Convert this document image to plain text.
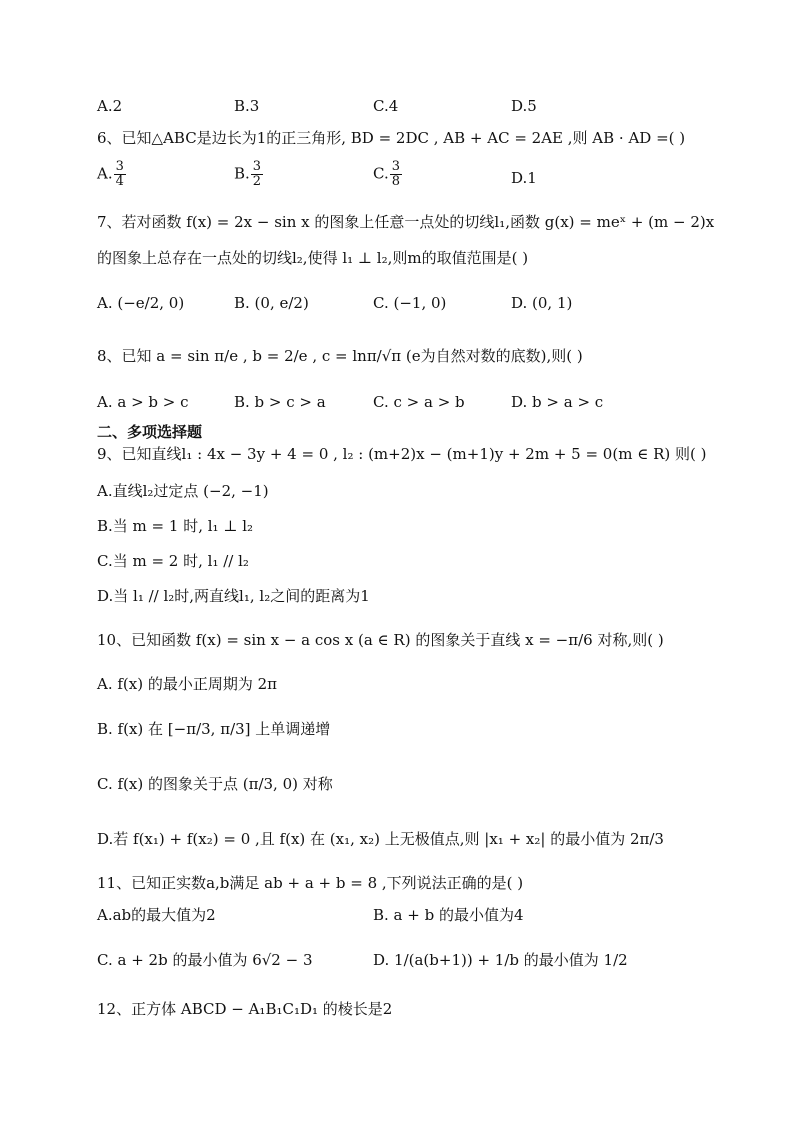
A.2	B.3	C.4	D.5
6、已知△ABC是边长为1的正三角形, BD = 2DC , AB + AC = 2AE ,则 AB · AD =( )
A. $\frac{3}{4}$	B. $\frac{3}{2}$	C. $\frac{3}{8}$	D.1
7、若对函数 f(x) = 2x − sin x 的图象上任意一点处的切线l₁,函数 g(x) = meˣ + (m − 2)x
的图象上总存在一点处的切线l₂,使得 l₁ ⊥ l₂,则m的取值范围是( )
A. (−e/2, 0)	B. (0, e/2)	C. (−1, 0)	D. (0, 1)
8、已知 a = sin π/e , b = 2/e , c = lnπ/√π (e为自然对数的底数),则( )
A. a > b > c	B. b > c > a	C. c > a > b	D. b > a > c
二、多项选择题
9、已知直线l₁ : 4x − 3y + 4 = 0 , l₂ : (m+2)x − (m+1)y + 2m + 5 = 0(m ∈ R) 则( )
A.直线l₂过定点 (−2, −1)
B.当 m = 1 时, l₁ ⊥ l₂
C.当 m = 2 时, l₁ // l₂
D.当 l₁ // l₂时,两直线l₁, l₂之间的距离为1
10、已知函数 f(x) = sin x − a cos x (a ∈ R) 的图象关于直线 x = −π/6 对称,则( )
A. f(x) 的最小正周期为 2π
B. f(x) 在 [−π/3, π/3] 上单调递增
C. f(x) 的图象关于点 (π/3, 0) 对称
D.若 f(x₁) + f(x₂) = 0 ,且 f(x) 在 (x₁, x₂) 上无极值点,则 |x₁ + x₂| 的最小值为 2π/3
11、已知正实数a,b满足 ab + a + b = 8 ,下列说法正确的是( )
A.ab的最大值为2	B. a + b 的最小值为4
C. a + 2b 的最小值为 6√2 − 3	D. 1/(a(b+1)) + 1/b 的最小值为 1/2
12、正方体 ABCD − A₁B₁C₁D₁ 的棱长是2
